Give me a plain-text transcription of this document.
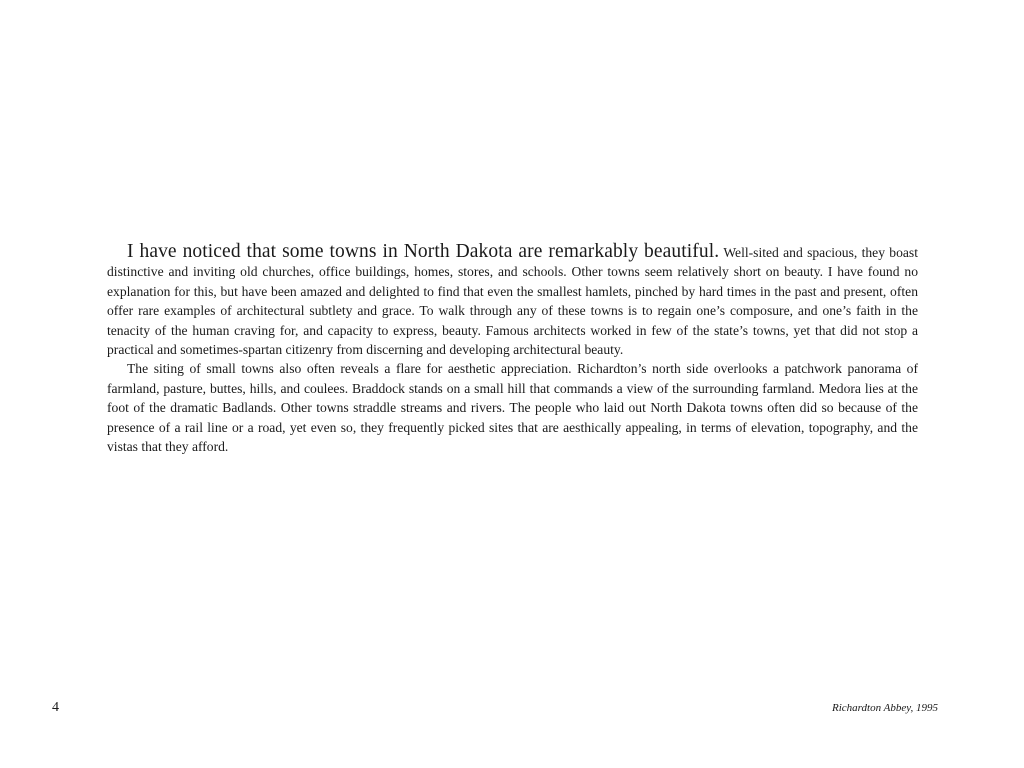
I have noticed that some towns in North Dakota are remarkably beautiful. Well-sited and spacious, they boast distinctive and inviting old churches, office buildings, homes, stores, and schools. Other towns seem relatively short on beauty. I have found no explanation for this, but have been amazed and delighted to find that even the smallest hamlets, pinched by hard times in the past and present, often offer rare examples of architectural subtlety and grace. To walk through any of these towns is to regain one’s composure, and one’s faith in the tenacity of the human craving for, and capacity to express, beauty. Famous architects worked in few of the state’s towns, yet that did not stop a practical and sometimes-spartan citizenry from discerning and developing architectural beauty.

The siting of small towns also often reveals a flare for aesthetic appreciation. Richardton’s north side overlooks a patchwork panorama of farmland, pasture, buttes, hills, and coulees. Braddock stands on a small hill that commands a view of the surrounding farmland. Medora lies at the foot of the dramatic Badlands. Other towns straddle streams and rivers. The people who laid out North Dakota towns often did so because of the presence of a rail line or a road, yet even so, they frequently picked sites that are aesthically appealing, in terms of elevation, topography, and the vistas that they afford.

4	Richardton Abbey, 1995
